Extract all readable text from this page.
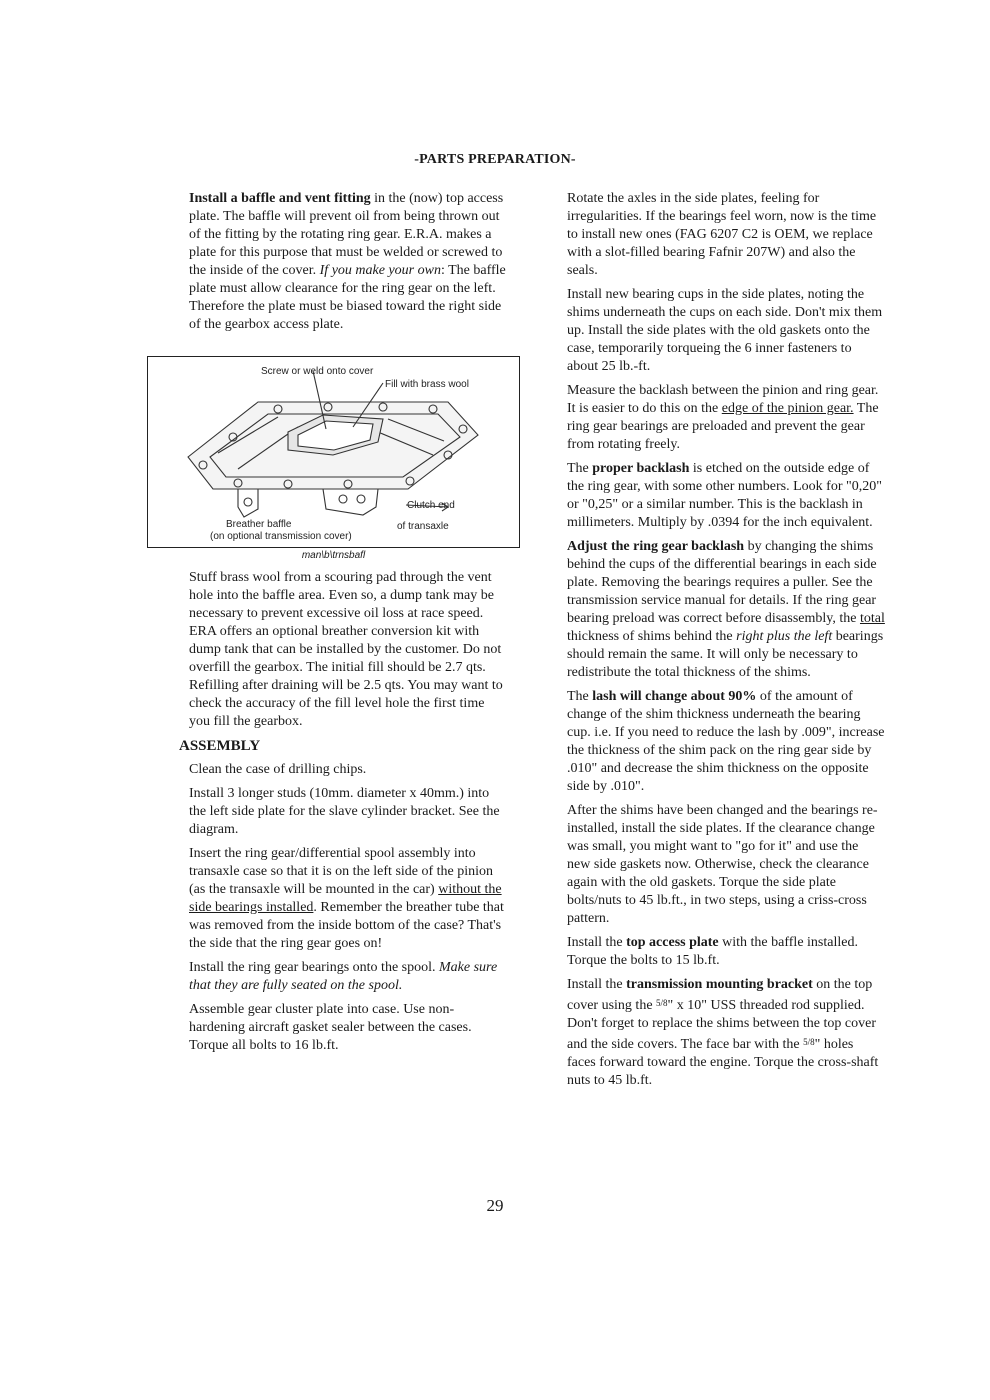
-PARTS PREPARATION-

Install a baffle and vent fitting in the (now) top access plate. The baffle will prevent oil from being thrown out of the fitting by the rotating ring gear. E.R.A. makes a plate for this purpose that must be welded or screwed to the inside of the cover. If you make your own: The baffle plate must allow clearance for the ring gear on the left. Therefore the plate must be biased toward the right side of the gearbox access plate.

Screw or weld onto cover
Fill with brass wool
Clutch end
of transaxle
Breather baffle
(on optional transmission cover)
man\b\trnsbafl

Stuff brass wool from a scouring pad through the vent hole into the baffle area. Even so, a dump tank may be necessary to prevent excessive oil loss at race speed. ERA offers an optional breather conversion kit with dump tank that can be installed by the customer. Do not overfill the gearbox. The initial fill should be 2.7 qts. Refilling after draining will be 2.5 qts. You may want to check the accuracy of the fill level hole the first time you fill the gearbox.

ASSEMBLY

Clean the case of drilling chips.

Install 3 longer studs (10mm. diameter x 40mm.) into the left side plate for the slave cylinder bracket. See the diagram.

Insert the ring gear/differential spool assembly into transaxle case so that it is on the left side of the pinion (as the transaxle will be mounted in the car) without the side bearings installed. Remember the breather tube that was removed from the inside bottom of the case? That's the side that the ring gear goes on!

Install the ring gear bearings onto the spool. Make sure that they are fully seated on the spool.

Assemble gear cluster plate into case. Use non-hardening aircraft gasket sealer between the cases. Torque all bolts to 16 lb.ft.

Rotate the axles in the side plates, feeling for irregularities. If the bearings feel worn, now is the time to install new ones (FAG 6207 C2 is OEM, we replace with a slot-filled bearing Fafnir 207W) and also the seals.

Install new bearing cups in the side plates, noting the shims underneath the cups on each side. Don't mix them up. Install the side plates with the old gaskets onto the case, temporarily torqueing the 6 inner fasteners to about 25 lb.-ft.

Measure the backlash between the pinion and ring gear. It is easier to do this on the edge of the pinion gear. The ring gear bearings are preloaded and prevent the gear from rotating freely.

The proper backlash is etched on the outside edge of the ring gear, with some other numbers. Look for "0,20" or "0,25" or a similar number. This is the backlash in millimeters. Multiply by .0394 for the inch equivalent.

Adjust the ring gear backlash by changing the shims behind the cups of the differential bearings in each side plate. Removing the bearings requires a puller. See the transmission service manual for details. If the ring gear bearing preload was correct before disassembly, the total thickness of shims behind the right plus the left bearings should remain the same. It will only be necessary to redistribute the total thickness of the shims.

The lash will change about 90% of the amount of change of the shim thickness underneath the bearing cup. i.e. If you need to reduce the lash by .009", increase the thickness of the shim pack on the ring gear side by .010" and decrease the shim thickness on the opposite side by .010".

After the shims have been changed and the bearings re-installed, install the side plates. If the clearance change was small, you might want to "go for it" and use the new side gaskets now. Otherwise, check the clearance again with the old gaskets. Torque the side plate bolts/nuts to 45 lb.ft., in two steps, using a criss-cross pattern.

Install the top access plate with the baffle installed. Torque the bolts to 15 lb.ft.

Install the transmission mounting bracket on the top cover using the $^{5/8}$" x 10" USS threaded rod supplied. Don't forget to replace the shims between the top cover and the side covers. The face bar with the $^{5/8}$" holes faces forward toward the engine. Torque the cross-shaft nuts to 45 lb.ft.

29
